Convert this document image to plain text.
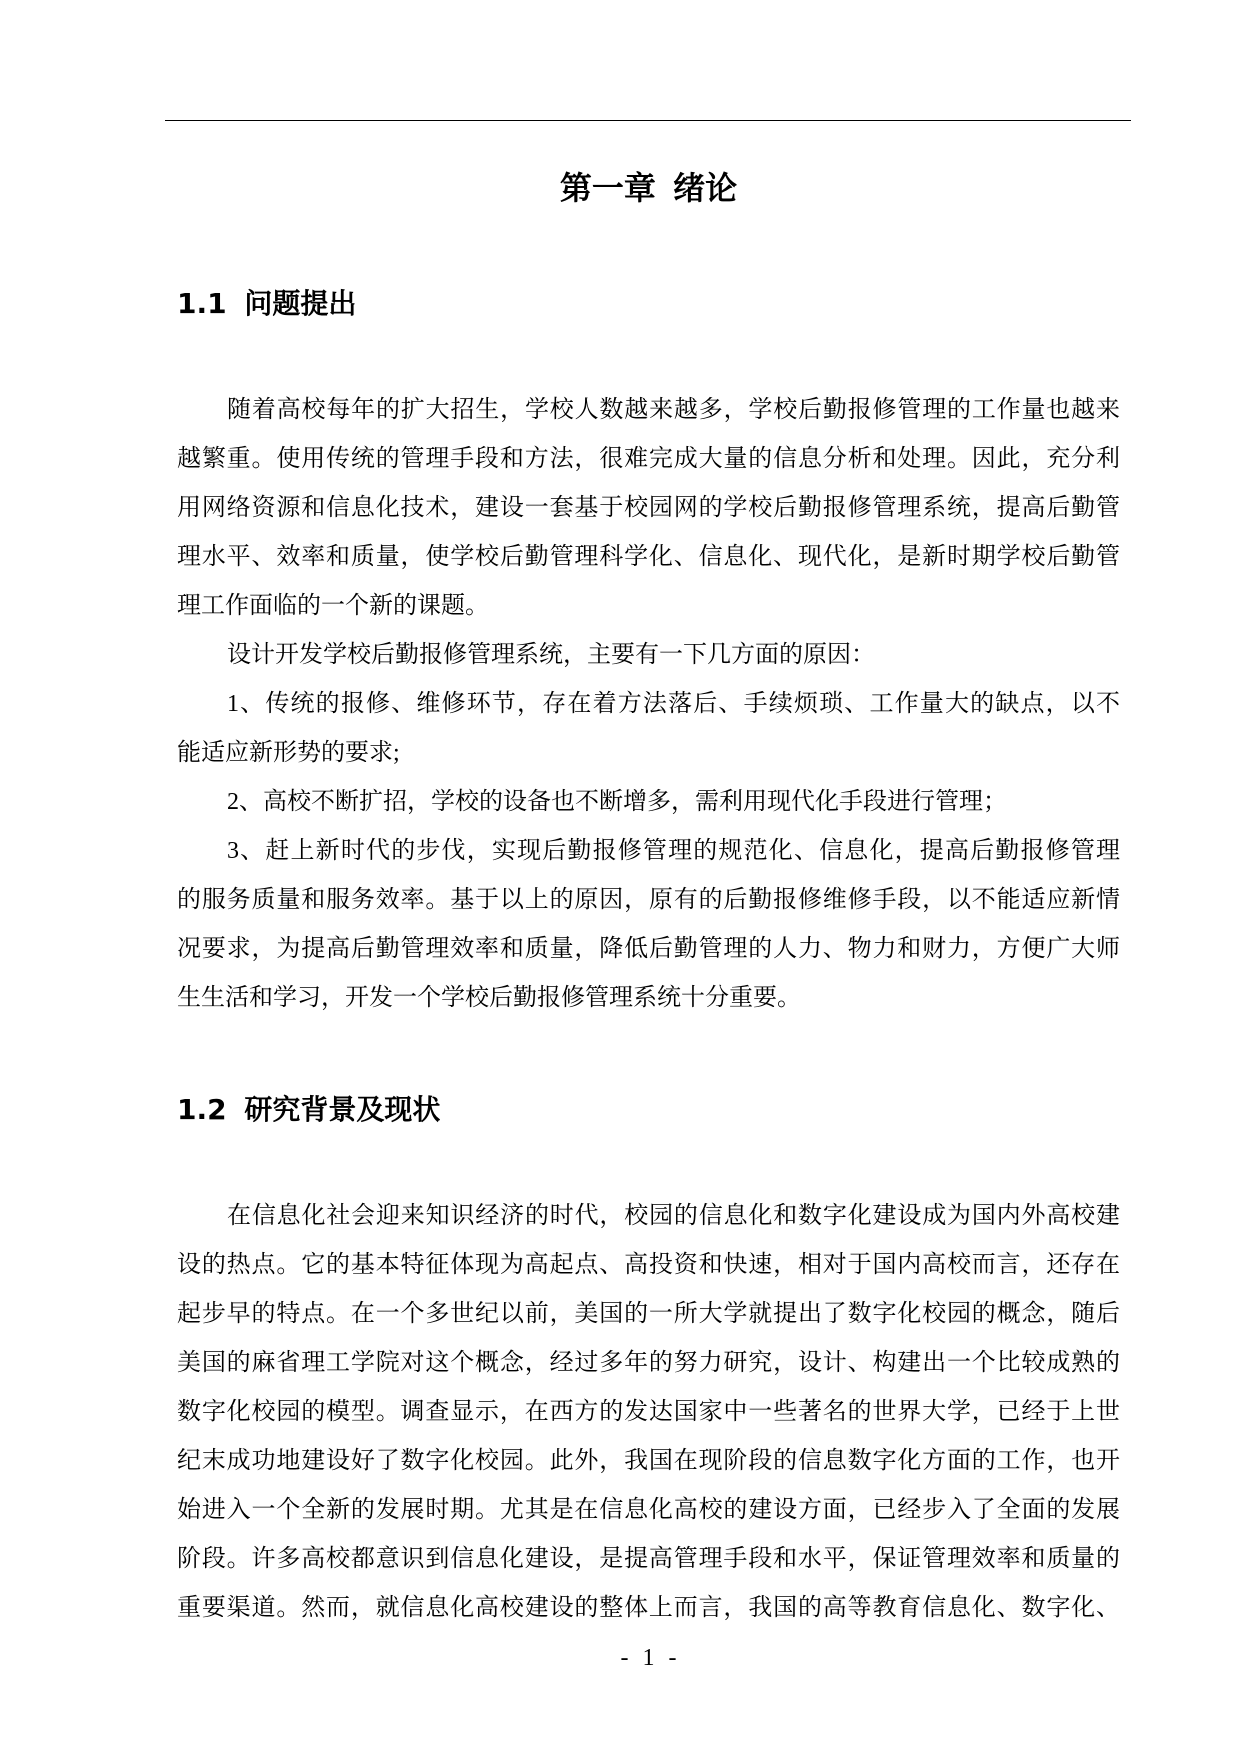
第一章 绪论
1.1 问题提出
随着高校每年的扩大招生，学校人数越来越多，学校后勤报修管理的工作量也越来
越繁重。使用传统的管理手段和方法，很难完成大量的信息分析和处理。因此，充分利
用网络资源和信息化技术，建设一套基于校园网的学校后勤报修管理系统，提高后勤管
理水平、效率和质量，使学校后勤管理科学化、信息化、现代化，是新时期学校后勤管
理工作面临的一个新的课题。
设计开发学校后勤报修管理系统，主要有一下几方面的原因：
1、传统的报修、维修环节，存在着方法落后、手续烦琐、工作量大的缺点，以不
能适应新形势的要求;
2、高校不断扩招，学校的设备也不断增多，需利用现代化手段进行管理；
3、赶上新时代的步伐，实现后勤报修管理的规范化、信息化，提高后勤报修管理
的服务质量和服务效率。基于以上的原因，原有的后勤报修维修手段，以不能适应新情
况要求，为提高后勤管理效率和质量，降低后勤管理的人力、物力和财力，方便广大师
生生活和学习，开发一个学校后勤报修管理系统十分重要。
1.2 研究背景及现状
在信息化社会迎来知识经济的时代，校园的信息化和数字化建设成为国内外高校建
设的热点。它的基本特征体现为高起点、高投资和快速，相对于国内高校而言，还存在
起步早的特点。在一个多世纪以前，美国的一所大学就提出了数字化校园的概念，随后
美国的麻省理工学院对这个概念，经过多年的努力研究，设计、构建出一个比较成熟的
数字化校园的模型。调查显示，在西方的发达国家中一些著名的世界大学，已经于上世
纪末成功地建设好了数字化校园。此外，我国在现阶段的信息数字化方面的工作，也开
始进入一个全新的发展时期。尤其是在信息化高校的建设方面，已经步入了全面的发展
阶段。许多高校都意识到信息化建设，是提高管理手段和水平，保证管理效率和质量的
重要渠道。然而，就信息化高校建设的整体上而言，我国的高等教育信息化、数字化、
- 1 -
